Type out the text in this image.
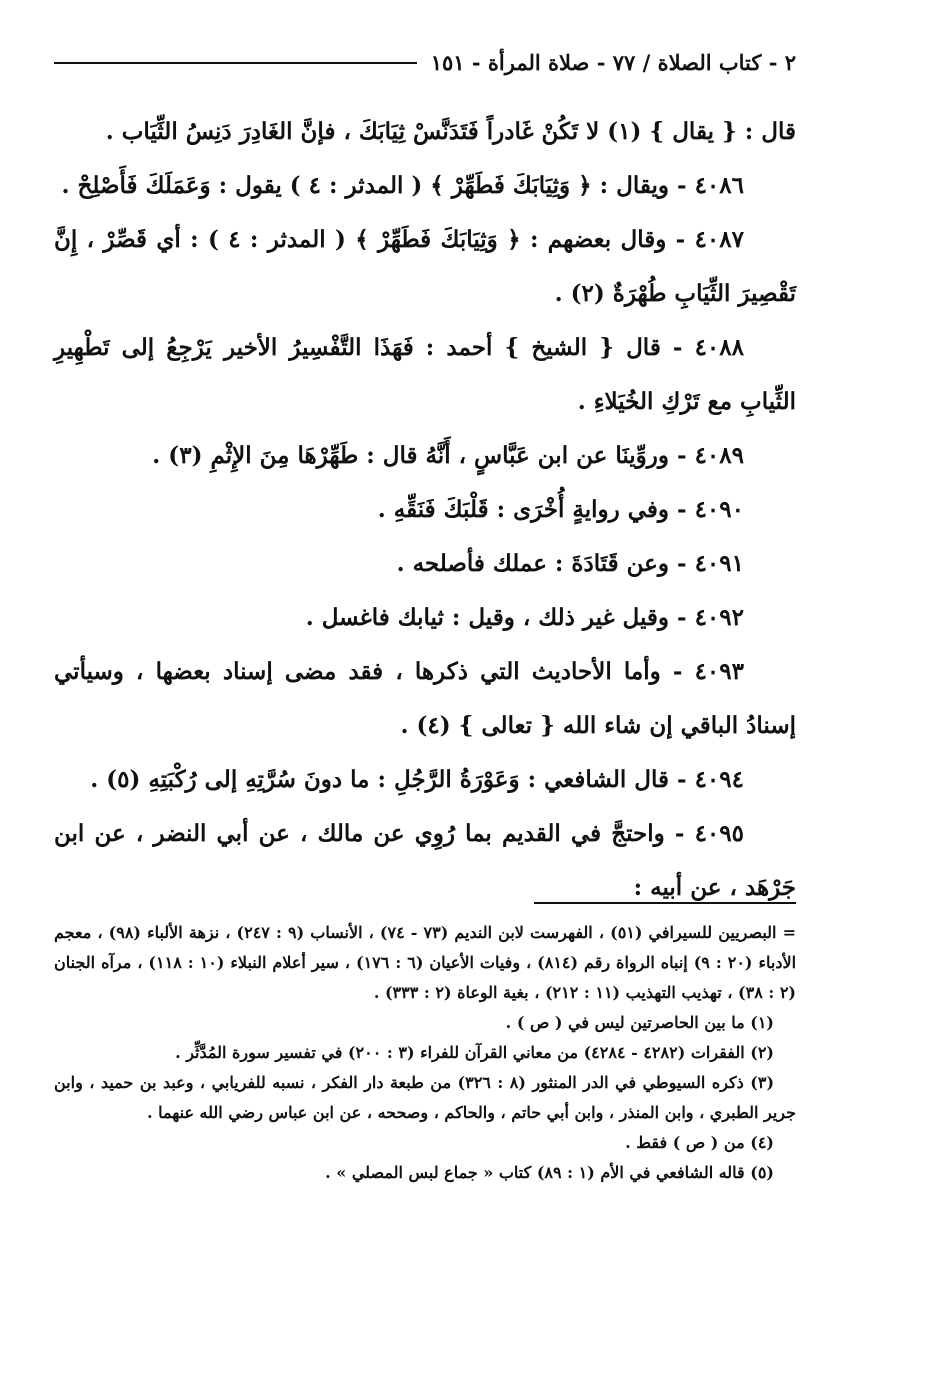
٢ - كتاب الصلاة / ٧٧ - صلاة المرأة - ١٥١

قال : { يقال } (١) لا تَكُنْ غَادراً فَتَدَنَّسْ ثِيَابَكَ ، فإنَّ الغَادِرَ دَنِسُ الثِّيَاب .

٤٠٨٦ - ويقال : ﴿ وَثِيَابَكَ فَطَهِّرْ ﴾ ( المدثر : ٤ ) يقول : وَعَمَلَكَ فَأَصْلِحْ .

٤٠٨٧ - وقال بعضهم : ﴿ وَثِيَابَكَ فَطَهِّرْ ﴾ ( المدثر : ٤ ) : أي قَصِّرْ ، إِنَّ تَقْصِيرَ الثِّيَابِ طُهْرَةٌ (٢) .

٤٠٨٨ - قال { الشيخ } أحمد : فَهَذَا التَّفْسِيرُ الأخير يَرْجِعُ إلى تَطْهِيرِ الثِّيابِ مع تَرْكِ الخُيَلاءِ .

٤٠٨٩ - وروِّينَا عن ابن عَبَّاسٍ ، أَنَّهُ قال : طَهِّرْهَا مِنَ الإِثْمِ (٣) .

٤٠٩٠ - وفي روايةٍ أُخْرَى : قَلْبَكَ فَنَقِّهِ .

٤٠٩١ - وعن قَتَادَةَ : عملك فأصلحه .

٤٠٩٢ - وقيل غير ذلك ، وقيل : ثيابك فاغسل .

٤٠٩٣ - وأما الأحاديث التي ذكرها ، فقد مضى إسناد بعضها ، وسيأتي إسنادُ الباقي إن شاء الله { تعالى } (٤) .

٤٠٩٤ - قال الشافعي : وَعَوْرَةُ الرَّجُلِ : ما دونَ سُرَّتِهِ إلى رُكْبَتِهِ (٥) .

٤٠٩٥ - واحتجَّ في القديم بما رُوِي عن مالك ، عن أبي النضر ، عن ابن جَرْهَد ، عن أبيه :

= البصريين للسيرافي (٥١) ، الفهرست لابن النديم (٧٣ - ٧٤) ، الأنساب (٩ : ٢٤٧) ، نزهة الألباء (٩٨) ، معجم الأدباء (٢٠ : ٩) إنباه الرواة رقم (٨١٤) ، وفيات الأعيان (٦ : ١٧٦) ، سير أعلام النبلاء (١٠ : ١١٨) ، مرآه الجنان (٢ : ٣٨) ، تهذيب التهذيب (١١ : ٢١٢) ، بغية الوعاة (٢ : ٣٣٣) .

(١) ما بين الحاصرتين ليس في ( ص ) .

(٢) الفقرات (٤٢٨٢ - ٤٢٨٤) من معاني القرآن للفراء (٣ : ٢٠٠) في تفسير سورة المُدَّثِّر .

(٣) ذكره السيوطي في الدر المنثور (٨ : ٣٢٦) من طبعة دار الفكر ، نسبه للفريابي ، وعبد بن حميد ، وابن جرير الطبري ، وابن المنذر ، وابن أبي حاتم ، والحاكم ، وصححه ، عن ابن عباس رضي الله عنهما .

(٤) من ( ص ) فقط .

(٥) قاله الشافعي في الأم (١ : ٨٩) كتاب « جماع لبس المصلي » .
